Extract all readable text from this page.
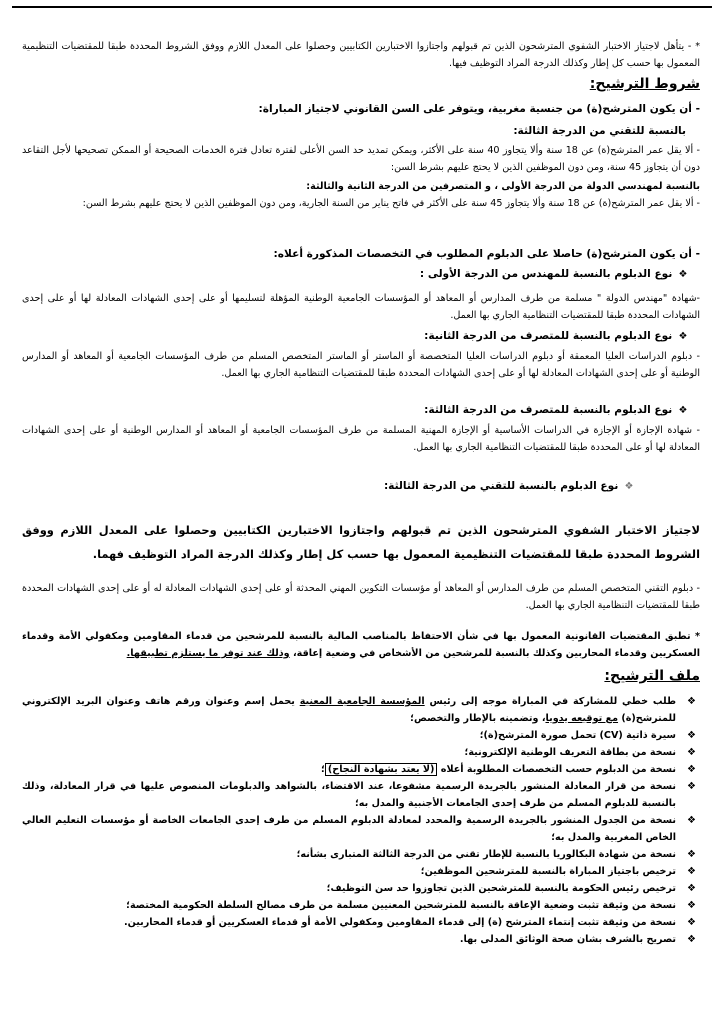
* - يتأهل لاجتياز الاختبار الشفوي المترشحون الذين تم قبولهم واجتازوا الاختبارين الكتابيين وحصلوا على المعدل اللازم ووفق الشروط المحددة طبقا للمقتضيات التنظيمية المعمول بها حسب كل إطار وكذلك الدرجة المراد التوظيف فيها.
شروط الترشيح:
- أن يكون المترشح(ة) من جنسية مغربية، ويتوفر على السن القانوني لاجتياز المباراة:
بالنسبة للتقني من الدرجة الثالثة:
- ألا يقل عمر المترشح(ة) عن 18 سنة وألا يتجاوز 40 سنة على الأكثر، ويمكن تمديد حد السن الأعلى لفترة تعادل فترة الخدمات الصحيحة أو الممكن تصحيحها لأجل التقاعد دون أن يتجاوز 45 سنة، ومن دون الموظفين الذين لا يحتج عليهم بشرط السن:
بالنسبة لمهندسي الدولة من الدرجة الأولى ، و المتصرفين من الدرجة الثانية والثالثة:
- ألا يقل عمر المترشح(ة) عن 18 سنة وألا يتجاوز 45 سنة على الأكثر في فاتح يناير من السنة الجارية، ومن دون الموظفين الذين لا يحتج عليهم بشرط السن:
- أن يكون المترشح(ة) حاصلا على الدبلوم المطلوب في التخصصات المذكورة أعلاه:
❖ نوع الدبلوم بالنسبة للمهندس من الدرجة الأولى :
-شهادة "مهندس الدولة " مسلمة من طرف المدارس أو المعاهد أو المؤسسات الجامعية الوطنية المؤهلة لتسليمها أو على إحدى الشهادات المعادلة لها أو على إحدى الشهادات المحددة طبقا للمقتضيات التنظامية الجاري بها العمل.
❖ نوع الدبلوم بالنسبة للمتصرف من الدرجة الثانية:
- دبلوم الدراسات العليا المعمقة أو دبلوم الدراسات العليا المتخصصة أو الماستر أو الماستر المتخصص المسلم من طرف المؤسسات الجامعية أو المعاهد أو المدارس الوطنية أو على إحدى الشهادات المعادلة لها أو على إحدى الشهادات المحددة طبقا للمقتضيات التنظامية الجاري بها العمل.
❖ نوع الدبلوم بالنسبة للمتصرف من الدرجة الثالثة:
- شهادة الإجازة أو الإجازة في الدراسات الأساسية أو الإجازة المهنية المسلمة من طرف المؤسسات الجامعية أو المعاهد أو المدارس الوطنية أو على إحدى الشهادات المعادلة لها أو على المحددة طبقا للمقتضيات التنظامية الجاري بها العمل.
❖ نوع الدبلوم بالنسبة للتقني من الدرجة الثالثة:
لاجتياز الاختبار الشفوي المترشحون الذين تم قبولهم واجتازوا الاختبارين الكتابيين وحصلوا على المعدل اللازم ووفق الشروط المحددة طبقا للمقتضيات التنظيمية المعمول بها حسب كل إطار وكذلك الدرجة المراد التوظيف فهما.
- دبلوم التقني المتخصص المسلم من طرف المدارس أو المعاهد أو مؤسسات التكوين المهني المحدثة أو على إحدى الشهادات المعادلة له أو على إحدى الشهادات المحددة طبقا للمقتضيات التنظامية الجاري بها العمل.
* تطبق المقتضيات القانونية المعمول بها في شأن الاحتفاظ بالمناصب المالية بالنسبة للمرشحين من قدماء المقاومين ومكفولي الأمة وقدماء العسكريين وقدماء المحاربين وكذلك بالنسبة للمرشحين من الأشخاص في وضعية إعاقة، وذلك عند توفر ما يستلزم تطبيقها.
ملف الترشيح:
❖
طلب خطي للمشاركة في المباراة موجه إلى رئيس المؤسسة الجامعية المعنية يحمل إسم وعنوان ورقم هاتف وعنوان البريد الإلكتروني للمترشح(ة) مع توقيعه يدويا، وتضمينه بالإطار والتخصص؛
❖
سيرة ذاتية (CV) تحمل صورة المترشح(ة)؛
❖
نسخة من بطاقة التعريف الوطنية الإلكترونية؛
❖
نسخة من الدبلوم حسب التخصصات المطلوبة أعلاه (لا يعتد بشهادة النجاح)؛
❖
نسخة من قرار المعادلة المنشور بالجريدة الرسمية مشفوعا، عند الاقتضاء، بالشواهد والدبلومات المنصوص عليها في قرار المعادلة، وذلك بالنسبة للدبلوم المسلم من طرف إحدى الجامعات الأجنبية والمدل به؛
❖
نسخة من الجدول المنشور بالجريدة الرسمية والمحدد لمعادلة الدبلوم المسلم من طرف إحدى الجامعات الخاصة أو مؤسسات التعليم العالي الخاص المغربية والمدل به؛
❖
نسخة من شهادة البكالوريا بالنسبة للإطار تقني من الدرجة الثالثة المتبارى بشأنه؛
❖
ترخيص باجتياز المباراة بالنسبة للمترشحين الموظفين؛
❖
ترخيص رئيس الحكومة بالنسبة للمترشحين الذين تجاوزوا حد سن التوظيف؛
❖
نسخة من وثيقة تثبت وضعية الإعاقة بالنسبة للمترشحين المعنيين مسلمة من طرف مصالح السلطة الحكومية المختصة؛
❖
نسخة من وثيقة تثبت إنتماء المترشح (ة) إلى قدماء المقاومين ومكفولي الأمة أو قدماء العسكريين أو قدماء المحاربين.
❖
تصريح بالشرف بشان صحة الوثائق المدلى بها.
